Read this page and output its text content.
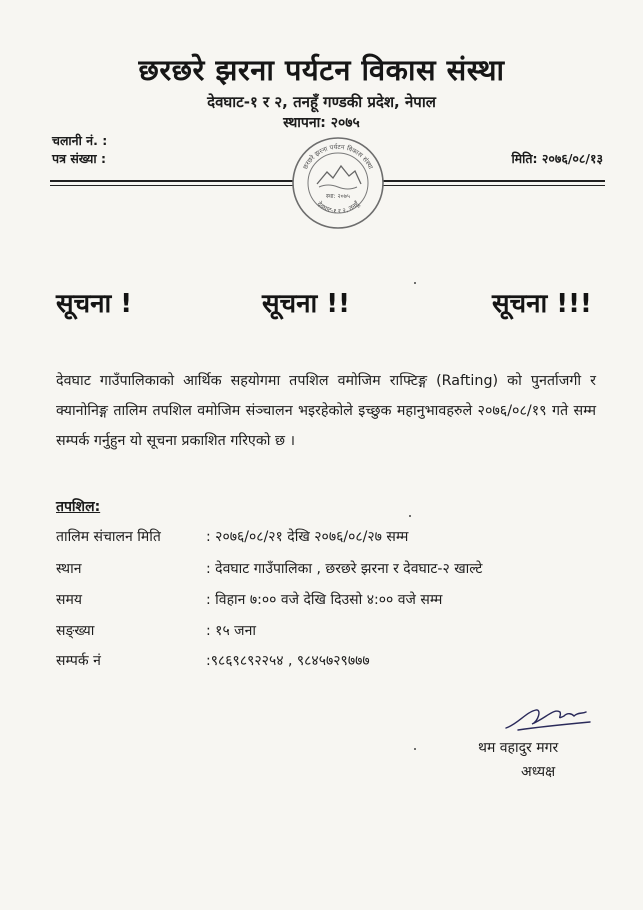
छरछरे झरना पर्यटन विकास संस्था
देवघाट-१ र २, तनहूँ गण्डकी प्रदेश, नेपाल
स्थापना: २०७५
चलानी नं. :
पत्र संख्या :	मिति: २०७६/०८/१३
छरछरे झरना पर्यटन विकास संस्था
देवघाट-१ र २, तनहूँ
स्था: २०७५
सूचना !	सूचना !!	सूचना !!!
देवघाट गाउँपालिकाको आर्थिक सहयोगमा तपशिल वमोजिम राफ्टिङ्ग (Rafting) को पुनर्ताजगी र क्यानोनिङ्ग तालिम तपशिल वमोजिम संञ्चालन भइरहेकोले इच्छुक महानुभावहरुले २०७६/०८/१९ गते सम्म सम्पर्क गर्नुहुन यो सूचना प्रकाशित गरिएको छ ।
तपशिल:
तालिम संचालन मिति	: २०७६/०८/२१ देखि २०७६/०८/२७ सम्म
स्थान	: देवघाट गाउँपालिका , छरछरे झरना र देवघाट-२ खाल्टे
समय	: विहान ७:०० वजे देखि दिउसो ४:०० वजे सम्म
सङ्ख्या	: १५ जना
सम्पर्क नं	:९८६९८९२२५४ , ९८४५७२९७७७
थम वहादुर मगर
अध्यक्ष
